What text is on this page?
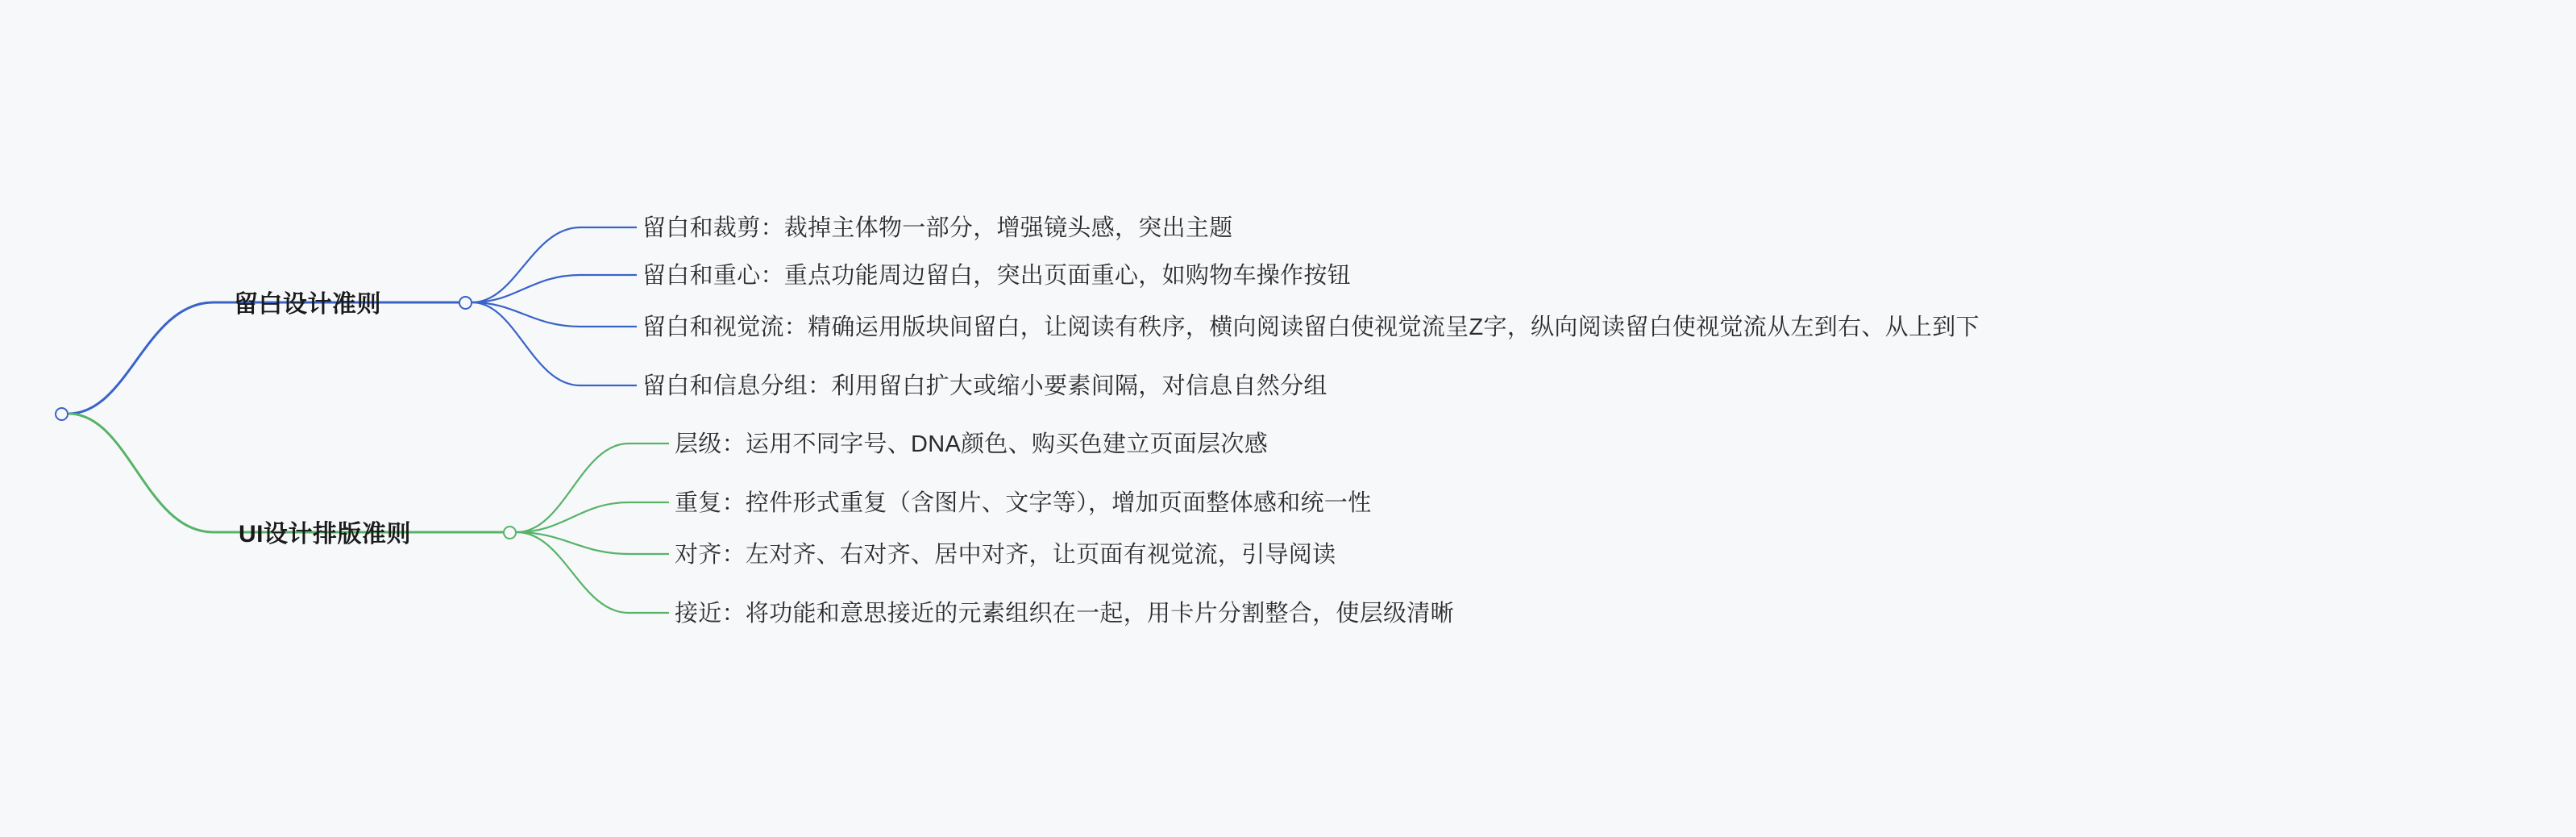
留白设计准则
留白和裁剪：裁掉主体物一部分，增强镜头感，突出主题
留白和重心：重点功能周边留白，突出页面重心，如购物车操作按钮
留白和视觉流：精确运用版块间留白，让阅读有秩序，横向阅读留白使视觉流呈Z字，纵向阅读留白使视觉流从左到右、从上到下
留白和信息分组：利用留白扩大或缩小要素间隔，对信息自然分组
UI设计排版准则
层级：运用不同字号、DNA颜色、购买色建立页面层次感
重复：控件形式重复（含图片、文字等），增加页面整体感和统一性
对齐：左对齐、右对齐、居中对齐，让页面有视觉流，引导阅读
接近：将功能和意思接近的元素组织在一起，用卡片分割整合，使层级清晰
